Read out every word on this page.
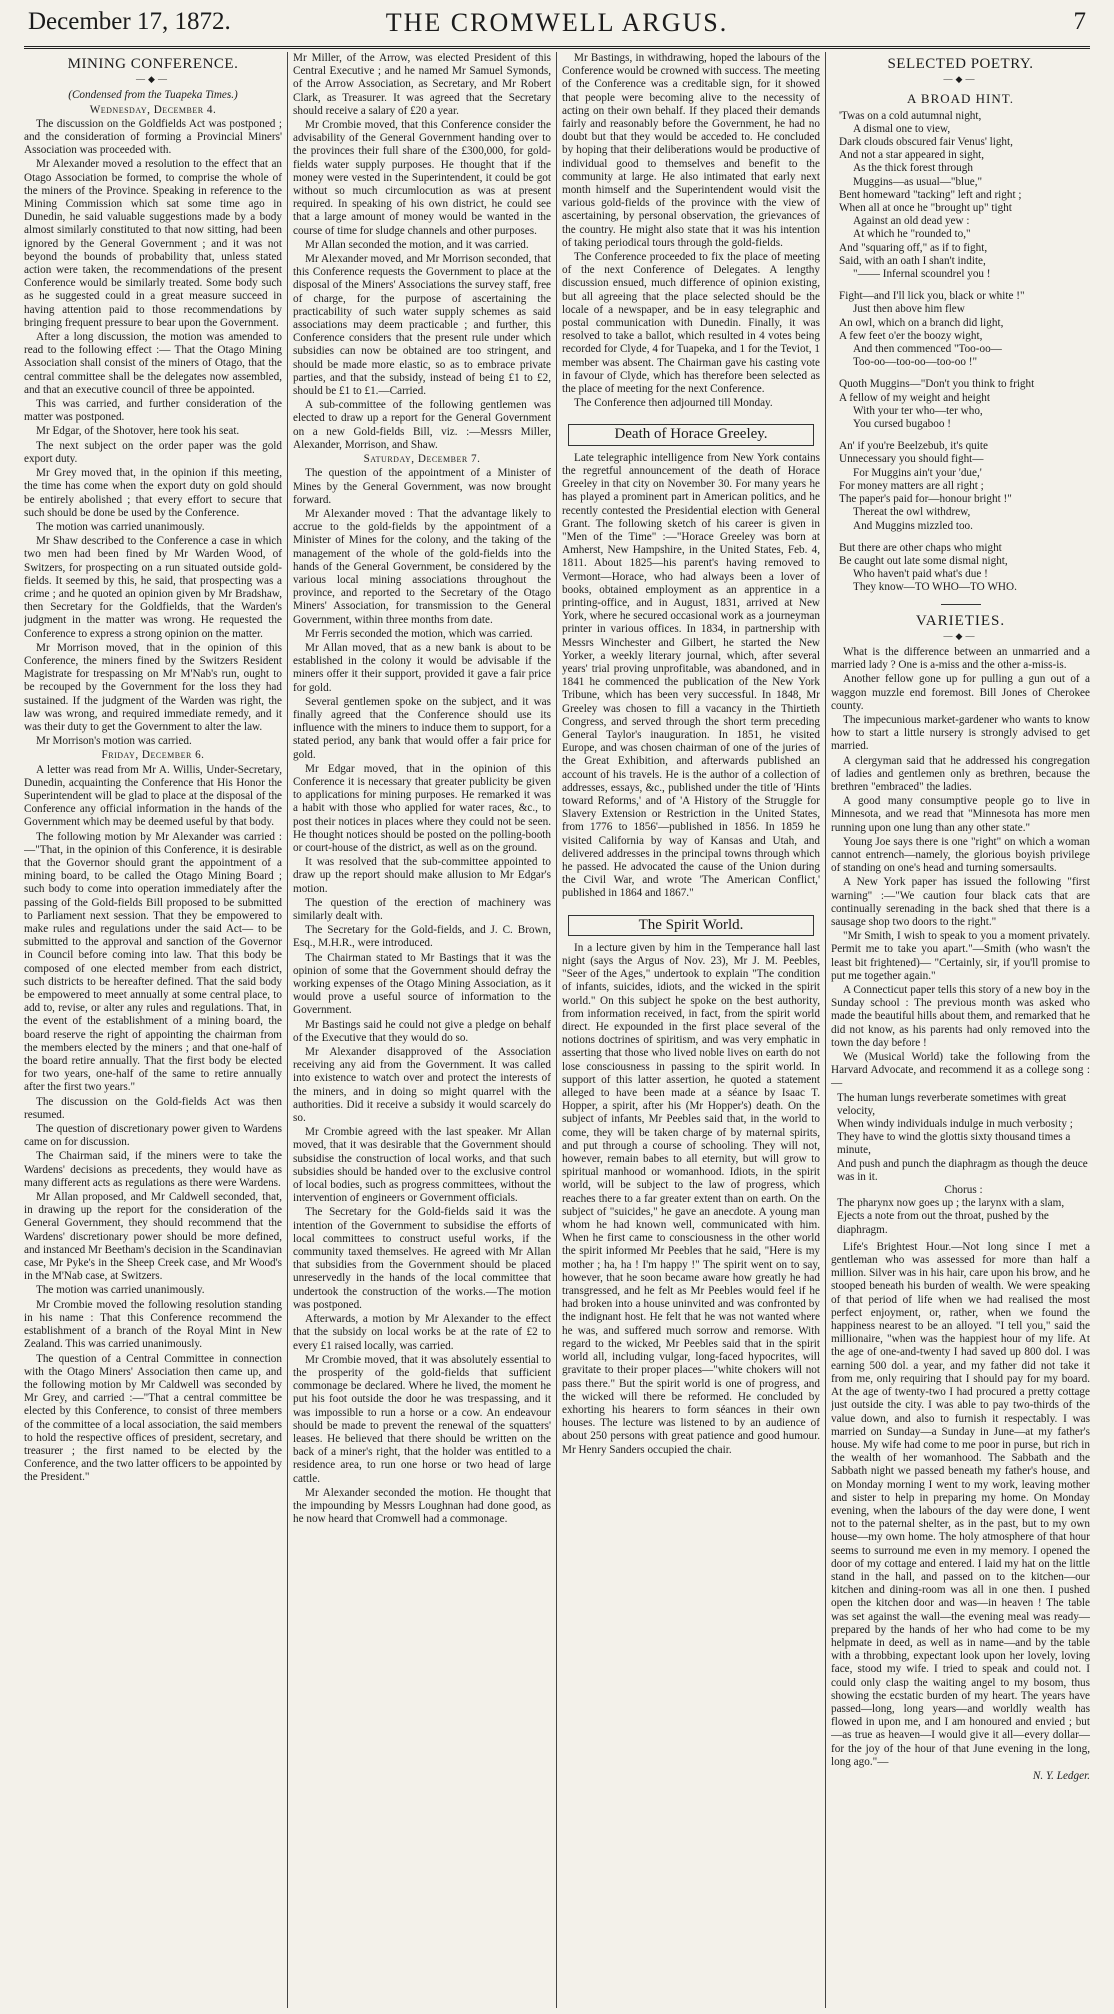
December 17, 1872.	THE CROMWELL ARGUS.	7
MINING CONFERENCE.
—◆—

(Condensed from the Tuapeka Times.)

Wednesday, December 4.

The discussion on the Goldfields Act was postponed ; and the consideration of forming a Provincial Miners' Association was proceeded with.

Mr Alexander moved a resolution to the effect that an Otago Association be formed, to comprise the whole of the miners of the Province. Speaking in reference to the Mining Commission which sat some time ago in Dunedin, he said valuable suggestions made by a body almost similarly constituted to that now sitting, had been ignored by the General Government ; and it was not beyond the bounds of probability that, unless stated action were taken, the recommendations of the present Conference would be similarly treated. Some body such as he suggested could in a great measure succeed in having attention paid to those recommendations by bringing frequent pressure to bear upon the Government.

After a long discussion, the motion was amended to read to the following effect :— That the Otago Mining Association shall consist of the miners of Otago, that the central committee shall be the delegates now assembled, and that an executive council of three be appointed.

This was carried, and further consideration of the matter was postponed.

Mr Edgar, of the Shotover, here took his seat.

The next subject on the order paper was the gold export duty.

Mr Grey moved that, in the opinion if this meeting, the time has come when the export duty on gold should be entirely abolished ; that every effort to secure that such should be done be used by the Conference.

The motion was carried unanimously.

Mr Shaw described to the Conference a case in which two men had been fined by Mr Warden Wood, of Switzers, for prospecting on a run situated outside gold-fields. It seemed by this, he said, that prospecting was a crime ; and he quoted an opinion given by Mr Bradshaw, then Secretary for the Goldfields, that the Warden's judgment in the matter was wrong. He requested the Conference to express a strong opinion on the matter.

Mr Morrison moved, that in the opinion of this Conference, the miners fined by the Switzers Resident Magistrate for trespassing on Mr M'Nab's run, ought to be recouped by the Government for the loss they had sustained. If the judgment of the Warden was right, the law was wrong, and required immediate remedy, and it was their duty to get the Government to alter the law.

Mr Morrison's motion was carried.

Friday, December 6.

A letter was read from Mr A. Willis, Under-Secretary, Dunedin, acquainting the Conference that His Honor the Superintendent will be glad to place at the disposal of the Conference any official information in the hands of the Government which may be deemed useful by that body.

The following motion by Mr Alexander was carried :—"That, in the opinion of this Conference, it is desirable that the Governor should grant the appointment of a mining board, to be called the Otago Mining Board ; such body to come into operation immediately after the passing of the Gold-fields Bill proposed to be submitted to Parliament next session. That they be empowered to make rules and regulations under the said Act— to be submitted to the approval and sanction of the Governor in Council before coming into law. That this body be composed of one elected member from each district, such districts to be hereafter defined. That the said body be empowered to meet annually at some central place, to add to, revise, or alter any rules and regulations. That, in the event of the establishment of a mining board, the board reserve the right of appointing the chairman from the members elected by the miners ; and that one-half of the board retire annually. That the first body be elected for two years, one-half of the same to retire annually after the first two years."

The discussion on the Gold-fields Act was then resumed.

The question of discretionary power given to Wardens came on for discussion.

The Chairman said, if the miners were to take the Wardens' decisions as precedents, they would have as many different acts as regulations as there were Wardens.

Mr Allan proposed, and Mr Caldwell seconded, that, in drawing up the report for the consideration of the General Government, they should recommend that the Wardens' discretionary power should be more defined, and instanced Mr Beetham's decision in the Scandinavian case, Mr Pyke's in the Sheep Creek case, and Mr Wood's in the M'Nab case, at Switzers.

The motion was carried unanimously.

Mr Crombie moved the following resolution standing in his name : That this Conference recommend the establishment of a branch of the Royal Mint in New Zealand. This was carried unanimously.

The question of a Central Committee in connection with the Otago Miners' Association then came up, and the following motion by Mr Caldwell was seconded by Mr Grey, and carried :—"That a central committee be elected by this Conference, to consist of three members of the committee of a local association, the said members to hold the respective offices of president, secretary, and treasurer ; the first named to be elected by the Conference, and the two latter officers to be appointed by the President."

Mr Miller, of the Arrow, was elected President of this Central Executive ; and he named Mr Samuel Symonds, of the Arrow Association, as Secretary, and Mr Robert Clark, as Treasurer. It was agreed that the Secretary should receive a salary of £20 a year.

Mr Crombie moved, that this Conference consider the advisability of the General Government handing over to the provinces their full share of the £300,000, for gold-fields water supply purposes. He thought that if the money were vested in the Superintendent, it could be got without so much circumlocution as was at present required. In speaking of his own district, he could see that a large amount of money would be wanted in the course of time for sludge channels and other purposes.

Mr Allan seconded the motion, and it was carried.

Mr Alexander moved, and Mr Morrison seconded, that this Conference requests the Government to place at the disposal of the Miners' Associations the survey staff, free of charge, for the purpose of ascertaining the practicability of such water supply schemes as said associations may deem practicable ; and further, this Conference considers that the present rule under which subsidies can now be obtained are too stringent, and should be made more elastic, so as to embrace private parties, and that the subsidy, instead of being £1 to £2, should be £1 to £1.—Carried.

A sub-committee of the following gentlemen was elected to draw up a report for the General Government on a new Gold-fields Bill, viz. :—Messrs Miller, Alexander, Morrison, and Shaw.

Saturday, December 7.

The question of the appointment of a Minister of Mines by the General Government, was now brought forward.

Mr Alexander moved : That the advantage likely to accrue to the gold-fields by the appointment of a Minister of Mines for the colony, and the taking of the management of the whole of the gold-fields into the hands of the General Government, be considered by the various local mining associations throughout the province, and reported to the Secretary of the Otago Miners' Association, for transmission to the General Government, within three months from date.

Mr Ferris seconded the motion, which was carried.

Mr Allan moved, that as a new bank is about to be established in the colony it would be advisable if the miners offer it their support, provided it gave a fair price for gold.

Several gentlemen spoke on the subject, and it was finally agreed that the Conference should use its influence with the miners to induce them to support, for a stated period, any bank that would offer a fair price for gold.

Mr Edgar moved, that in the opinion of this Conference it is necessary that greater publicity be given to applications for mining purposes. He remarked it was a habit with those who applied for water races, &c., to post their notices in places where they could not be seen. He thought notices should be posted on the polling-booth or court-house of the district, as well as on the ground.

It was resolved that the sub-committee appointed to draw up the report should make allusion to Mr Edgar's motion.

The question of the erection of machinery was similarly dealt with.

The Secretary for the Gold-fields, and J. C. Brown, Esq., M.H.R., were introduced.

The Chairman stated to Mr Bastings that it was the opinion of some that the Government should defray the working expenses of the Otago Mining Association, as it would prove a useful source of information to the Government.

Mr Bastings said he could not give a pledge on behalf of the Executive that they would do so.

Mr Alexander disapproved of the Association receiving any aid from the Government. It was called into existence to watch over and protect the interests of the miners, and in doing so might quarrel with the authorities. Did it receive a subsidy it would scarcely do so.

Mr Crombie agreed with the last speaker. Mr Allan moved, that it was desirable that the Government should subsidise the construction of local works, and that such subsidies should be handed over to the exclusive control of local bodies, such as progress committees, without the intervention of engineers or Government officials.

The Secretary for the Gold-fields said it was the intention of the Government to subsidise the efforts of local committees to construct useful works, if the community taxed themselves. He agreed with Mr Allan that subsidies from the Government should be placed unreservedly in the hands of the local committee that undertook the construction of the works.—The motion was postponed.

Afterwards, a motion by Mr Alexander to the effect that the subsidy on local works be at the rate of £2 to every £1 raised locally, was carried.

Mr Crombie moved, that it was absolutely essential to the prosperity of the gold-fields that sufficient commonage be declared. Where he lived, the moment he put his foot outside the door he was trespassing, and it was impossible to run a horse or a cow. An endeavour should be made to prevent the renewal of the squatters' leases. He believed that there should be written on the back of a miner's right, that the holder was entitled to a residence area, to run one horse or two head of large cattle.

Mr Alexander seconded the motion. He thought that the impounding by Messrs Loughnan had done good, as he now heard that Cromwell had a commonage.

Mr Bastings, in withdrawing, hoped the labours of the Conference would be crowned with success. The meeting of the Conference was a creditable sign, for it showed that people were becoming alive to the necessity of acting on their own behalf. If they placed their demands fairly and reasonably before the Government, he had no doubt but that they would be acceded to. He concluded by hoping that their deliberations would be productive of individual good to themselves and benefit to the community at large. He also intimated that early next month himself and the Superintendent would visit the various gold-fields of the province with the view of ascertaining, by personal observation, the grievances of the country. He might also state that it was his intention of taking periodical tours through the gold-fields.

The Conference proceeded to fix the place of meeting of the next Conference of Delegates. A lengthy discussion ensued, much difference of opinion existing, but all agreeing that the place selected should be the locale of a newspaper, and be in easy telegraphic and postal communication with Dunedin. Finally, it was resolved to take a ballot, which resulted in 4 votes being recorded for Clyde, 4 for Tuapeka, and 1 for the Teviot, 1 member was absent. The Chairman gave his casting vote in favour of Clyde, which has therefore been selected as the place of meeting for the next Conference.

The Conference then adjourned till Monday.

Death of Horace Greeley.

Late telegraphic intelligence from New York contains the regretful announcement of the death of Horace Greeley in that city on November 30. For many years he has played a prominent part in American politics, and he recently contested the Presidential election with General Grant. The following sketch of his career is given in "Men of the Time" :—"Horace Greeley was born at Amherst, New Hampshire, in the United States, Feb. 4, 1811. About 1825—his parent's having removed to Vermont—Horace, who had always been a lover of books, obtained employment as an apprentice in a printing-office, and in August, 1831, arrived at New York, where he secured occasional work as a journeyman printer in various offices. In 1834, in partnership with Messrs Winchester and Gilbert, he started the New Yorker, a weekly literary journal, which, after several years' trial proving unprofitable, was abandoned, and in 1841 he commenced the publication of the New York Tribune, which has been very successful. In 1848, Mr Greeley was chosen to fill a vacancy in the Thirtieth Congress, and served through the short term preceding General Taylor's inauguration. In 1851, he visited Europe, and was chosen chairman of one of the juries of the Great Exhibition, and afterwards published an account of his travels. He is the author of a collection of addresses, essays, &c., published under the title of 'Hints toward Reforms,' and of 'A History of the Struggle for Slavery Extension or Restriction in the United States, from 1776 to 1856'—published in 1856. In 1859 he visited California by way of Kansas and Utah, and delivered addresses in the principal towns through which he passed. He advocated the cause of the Union during the Civil War, and wrote 'The American Conflict,' published in 1864 and 1867."

The Spirit World.

In a lecture given by him in the Temperance hall last night (says the Argus of Nov. 23), Mr J. M. Peebles, "Seer of the Ages," undertook to explain "The condition of infants, suicides, idiots, and the wicked in the spirit world." On this subject he spoke on the best authority, from information received, in fact, from the spirit world direct. He expounded in the first place several of the notions doctrines of spiritism, and was very emphatic in asserting that those who lived noble lives on earth do not lose consciousness in passing to the spirit world. In support of this latter assertion, he quoted a statement alleged to have been made at a séance by Isaac T. Hopper, a spirit, after his (Mr Hopper's) death. On the subject of infants, Mr Peebles said that, in the world to come, they will be taken charge of by maternal spirits, and put through a course of schooling. They will not, however, remain babes to all eternity, but will grow to spiritual manhood or womanhood. Idiots, in the spirit world, will be subject to the law of progress, which reaches there to a far greater extent than on earth. On the subject of "suicides," he gave an anecdote. A young man whom he had known well, communicated with him. When he first came to consciousness in the other world the spirit informed Mr Peebles that he said, "Here is my mother ; ha, ha ! I'm happy !" The spirit went on to say, however, that he soon became aware how greatly he had transgressed, and he felt as Mr Peebles would feel if he had broken into a house uninvited and was confronted by the indignant host. He felt that he was not wanted where he was, and suffered much sorrow and remorse. With regard to the wicked, Mr Peebles said that in the spirit world all, including vulgar, long-faced hypocrites, will gravitate to their proper places—"white chokers will not pass there." But the spirit world is one of progress, and the wicked will there be reformed. He concluded by exhorting his hearers to form séances in their own houses. The lecture was listened to by an audience of about 250 persons with great patience and good humour. Mr Henry Sanders occupied the chair.

SELECTED POETRY.
—◆—
A BROAD HINT.
'Twas on a cold autumnal night,
A dismal one to view,
Dark clouds obscured fair Venus' light,
And not a star appeared in sight,
As the thick forest through
Muggins—as usual—"blue,"
Bent homeward "tacking" left and right ;
When all at once he "brought up" tight
Against an old dead yew :
At which he "rounded to,"
And "squaring off," as if to fight,
Said, with an oath I shan't indite,
"—— Infernal scoundrel you !
Fight—and I'll lick you, black or white !"
Just then above him flew
An owl, which on a branch did light,
A few feet o'er the boozy wight,
And then commenced "Too-oo—
Too-oo—too-oo—too-oo !"
Quoth Muggins—"Don't you think to fright
A fellow of my weight and height
With your ter who—ter who,
You cursed bugaboo !
An' if you're Beelzebub, it's quite
Unnecessary you should fight—
For Muggins ain't your 'due,'
For money matters are all right ;
The paper's paid for—honour bright !"
Thereat the owl withdrew,
And Muggins mizzled too.
But there are other chaps who might
Be caught out late some dismal night,
Who haven't paid what's due !
They know—TO WHO—TO WHO.
VARIETIES.
—◆—

What is the difference between an unmarried and a married lady ? One is a-miss and the other a-miss-is.

Another fellow gone up for pulling a gun out of a waggon muzzle end foremost. Bill Jones of Cherokee county.

The impecunious market-gardener who wants to know how to start a little nursery is strongly advised to get married.

A clergyman said that he addressed his congregation of ladies and gentlemen only as brethren, because the brethren "embraced" the ladies.

A good many consumptive people go to live in Minnesota, and we read that "Minnesota has more men running upon one lung than any other state."

Young Joe says there is one "right" on which a woman cannot entrench—namely, the glorious boyish privilege of standing on one's head and turning somersaults.

A New York paper has issued the following "first warning" :—"We caution four black cats that are continually serenading in the back shed that there is a sausage shop two doors to the right."

"Mr Smith, I wish to speak to you a moment privately. Permit me to take you apart."—Smith (who wasn't the least bit frightened)— "Certainly, sir, if you'll promise to put me together again."

A Connecticut paper tells this story of a new boy in the Sunday school : The previous month was asked who made the beautiful hills about them, and remarked that he did not know, as his parents had only removed into the town the day before !

We (Musical World) take the following from the Harvard Advocate, and recommend it as a college song :—

The human lungs reverberate sometimes with great velocity,
When windy individuals indulge in much verbosity ;
They have to wind the glottis sixty thousand times a minute,
And push and punch the diaphragm as though the deuce was in it.
Chorus :
The pharynx now goes up ; the larynx with a slam,
Ejects a note from out the throat, pushed by the diaphragm.

Life's Brightest Hour.—Not long since I met a gentleman who was assessed for more than half a million. Silver was in his hair, care upon his brow, and he stooped beneath his burden of wealth. We were speaking of that period of life when we had realised the most perfect enjoyment, or, rather, when we found the happiness nearest to be an alloyed. "I tell you," said the millionaire, "when was the happiest hour of my life. At the age of one-and-twenty I had saved up 800 dol. I was earning 500 dol. a year, and my father did not take it from me, only requiring that I should pay for my board. At the age of twenty-two I had procured a pretty cottage just outside the city. I was able to pay two-thirds of the value down, and also to furnish it respectably. I was married on Sunday—a Sunday in June—at my father's house. My wife had come to me poor in purse, but rich in the wealth of her womanhood. The Sabbath and the Sabbath night we passed beneath my father's house, and on Monday morning I went to my work, leaving mother and sister to help in preparing my home. On Monday evening, when the labours of the day were done, I went not to the paternal shelter, as in the past, but to my own house—my own home. The holy atmosphere of that hour seems to surround me even in my memory. I opened the door of my cottage and entered. I laid my hat on the little stand in the hall, and passed on to the kitchen—our kitchen and dining-room was all in one then. I pushed open the kitchen door and was—in heaven ! The table was set against the wall—the evening meal was ready—prepared by the hands of her who had come to be my helpmate in deed, as well as in name—and by the table with a throbbing, expectant look upon her lovely, loving face, stood my wife. I tried to speak and could not. I could only clasp the waiting angel to my bosom, thus showing the ecstatic burden of my heart. The years have passed—long, long years—and worldly wealth has flowed in upon me, and I am honoured and envied ; but—as true as heaven—I would give it all—every dollar—for the joy of the hour of that June evening in the long, long ago."—

N. Y. Ledger.
